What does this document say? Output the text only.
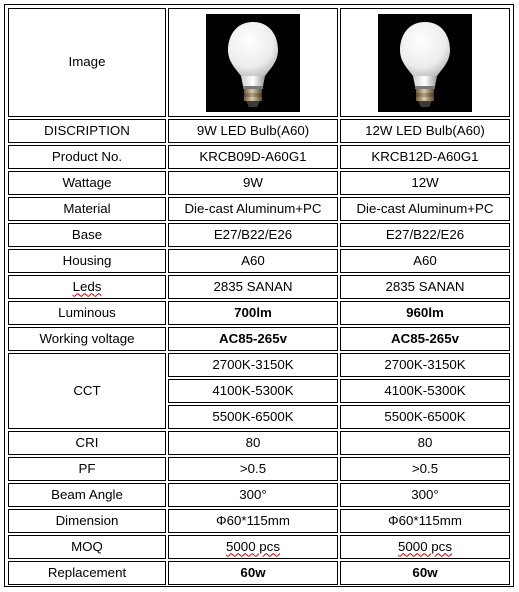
Image	

DISCRIPTION	9W LED Bulb(A60)	12W LED Bulb(A60)
Product No.	KRCB09D-A60G1	KRCB12D-A60G1
Wattage	9W	12W
Material	Die-cast Aluminum+PC	Die-cast Aluminum+PC
Base	E27/B22/E26	E27/B22/E26
Housing	A60	A60
Leds	2835 SANAN	2835 SANAN
Luminous	700lm	960lm
Working voltage	AC85-265v	AC85-265v
CCT	2700K-3150K	2700K-3150K
	4100K-5300K	4100K-5300K
	5500K-6500K	5500K-6500K
CRI	80	80
PF	>0.5	>0.5
Beam Angle	300°	300°
Dimension	Φ60*115mm	Φ60*115mm
MOQ	5000 pcs	5000 pcs
Replacement	60w	60w
